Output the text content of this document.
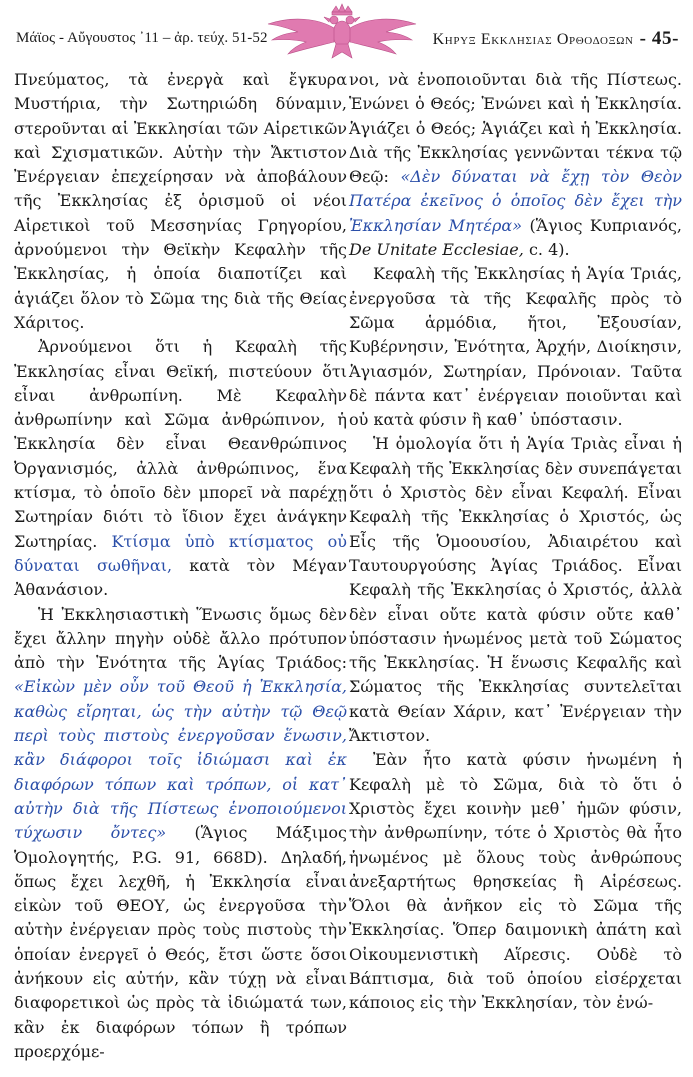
Μάϊος - Αὔγουστος ᾿11 – ἀρ. τεύχ. 51-52	Κηρυξ Εκκλησιας Ορθοδοξων - 45-

Πνεύματος, τὰ ἐνεργὰ καὶ ἔγκυρα Μυστήρια, τὴν Σωτηριώδη δύναμιν, στεροῦνται αἱ Ἐκκλησίαι τῶν Αἱρετικῶν καὶ Σχισματικῶν. Αὐτὴν τὴν Ἄκτιστον Ἐνέργειαν ἐπεχείρησαν νὰ ἀποβάλουν τῆς Ἐκκλησίας ἐξ ὁρισμοῦ οἱ νέοι Αἱρετικοὶ τοῦ Μεσσηνίας Γρηγορίου, ἀρνούμενοι τὴν Θεϊκὴν Κεφαλὴν τῆς Ἐκκλησίας, ἡ ὁποία διαποτίζει καὶ ἁγιάζει ὅλον τὸ Σῶμα της διὰ τῆς Θείας Χάριτος.

Ἀρνούμενοι ὅτι ἡ Κεφαλὴ τῆς Ἐκκλησίας εἶναι Θεϊκή, πιστεύουν ὅτι εἶναι ἀνθρωπίνη. Μὲ Κεφαλὴν ἀνθρωπίνην καὶ Σῶμα ἀνθρώπινον, ἡ Ἐκκλησία δὲν εἶναι Θεανθρώπινος Ὀργανισμός, ἀλλὰ ἀνθρώπινος, ἕνα κτίσμα, τὸ ὁποῖο δὲν μπορεῖ νὰ παρέχῃ Σωτηρίαν διότι τὸ ἴδιον ἔχει ἀνάγκην Σωτηρίας. Κτίσμα ὑπὸ κτίσματος οὐ δύναται σωθῆναι, κατὰ τὸν Μέγαν Ἀθανάσιον.

Ἡ Ἐκκλησιαστικὴ Ἕνωσις ὅμως δὲν ἔχει ἄλλην πηγὴν οὐδὲ ἄλλο πρότυπον ἀπὸ τὴν Ἑνότητα τῆς Ἁγίας Τριάδος: «Εἰκὼν μὲν οὖν τοῦ Θεοῦ ἡ Ἐκκλησία, καθὼς εἴρηται, ὡς τὴν αὐτὴν τῷ Θεῷ περὶ τοὺς πιστοὺς ἐνεργοῦσαν ἕνωσιν, κἂν διάφοροι τοῖς ἰδιώμασι καὶ ἐκ διαφόρων τόπων καὶ τρόπων, οἱ κατ᾿ αὐτὴν διὰ τῆς Πίστεως ἑνοποιούμενοι τύχωσιν ὄντες» (Ἅγιος Μάξιμος Ὁμολογητής, P.G. 91, 668D). Δηλαδή, ὅπως ἔχει λεχθῆ, ἡ Ἐκκλησία εἶναι εἰκὼν τοῦ ΘΕΟΥ, ὡς ἐνεργοῦσα τὴν αὐτὴν ἐνέργειαν πρὸς τοὺς πιστοὺς τὴν ὁποίαν ἐνεργεῖ ὁ Θεός, ἔτσι ὥστε ὅσοι ἀνήκουν εἰς αὐτήν, κἂν τύχῃ νὰ εἶναι διαφορετικοὶ ὡς πρὸς τὰ ἰδιώματά των, κἂν ἐκ διαφόρων τόπων ἢ τρόπων προερχόμε-

νοι, νὰ ἑνοποιοῦνται διὰ τῆς Πίστεως. Ἑνώνει ὁ Θεός; Ἑνώνει καὶ ἡ Ἐκκλησία. Ἁγιάζει ὁ Θεός; Ἁγιάζει καὶ ἡ Ἐκκλησία. Διὰ τῆς Ἐκκλησίας γεννῶνται τέκνα τῷ Θεῷ: «Δὲν δύναται νὰ ἔχῃ τὸν Θεὸν Πατέρα ἐκεῖνος ὁ ὁποῖος δὲν ἔχει τὴν Ἐκκλησίαν Μητέρα» (Ἅγιος Κυπριανός, De Unitate Ecclesiae, c. 4).

Κεφαλὴ τῆς Ἐκκλησίας ἡ Ἁγία Τριάς, ἐνεργοῦσα τὰ τῆς Κεφαλῆς πρὸς τὸ Σῶμα ἁρμόδια, ἤτοι, Ἐξουσίαν, Κυβέρνησιν, Ἑνότητα, Ἀρχήν, Διοίκησιν, Ἁγιασμόν, Σωτηρίαν, Πρόνοιαν. Ταῦτα δὲ πάντα κατ᾿ ἐνέργειαν ποιοῦνται καὶ οὐ κατὰ φύσιν ἢ καθ᾿ ὑπόστασιν.

Ἡ ὁμολογία ὅτι ἡ Ἁγία Τριὰς εἶναι ἡ Κεφαλὴ τῆς Ἐκκλησίας δὲν συνεπάγεται ὅτι ὁ Χριστὸς δὲν εἶναι Κεφαλή. Εἶναι Κεφαλὴ τῆς Ἐκκλησίας ὁ Χριστός, ὡς Εἷς τῆς Ὁμοουσίου, Ἀδιαιρέτου καὶ Ταυτουργούσης Ἁγίας Τριάδος. Εἶναι Κεφαλὴ τῆς Ἐκκλησίας ὁ Χριστός, ἀλλὰ δὲν εἶναι οὔτε κατὰ φύσιν οὔτε καθ᾿ ὑπόστασιν ἡνωμένος μετὰ τοῦ Σώματος τῆς Ἐκκλησίας. Ἡ ἕνωσις Κεφαλῆς καὶ Σώματος τῆς Ἐκκλησίας συντελεῖται κατὰ Θείαν Χάριν, κατ᾿ Ἐνέργειαν τὴν Ἄκτιστον.

Ἐὰν ἦτο κατὰ φύσιν ἡνωμένη ἡ Κεφαλὴ μὲ τὸ Σῶμα, διὰ τὸ ὅτι ὁ Χριστὸς ἔχει κοινὴν μεθ᾿ ἡμῶν φύσιν, τὴν ἀνθρωπίνην, τότε ὁ Χριστὸς θὰ ἦτο ἡνωμένος μὲ ὅλους τοὺς ἀνθρώπους ἀνεξαρτήτως θρησκείας ἢ Αἱρέσεως. Ὅλοι θὰ ἀνῆκον εἰς τὸ Σῶμα τῆς Ἐκκλησίας. Ὅπερ δαιμονικὴ ἀπάτη καὶ Οἰκουμενιστικὴ Αἵρεσις. Οὐδὲ τὸ Βάπτισμα, διὰ τοῦ ὁποίου εἰσέρχεται κάποιος εἰς τὴν Ἐκκλησίαν, τὸν ἑνώ-
